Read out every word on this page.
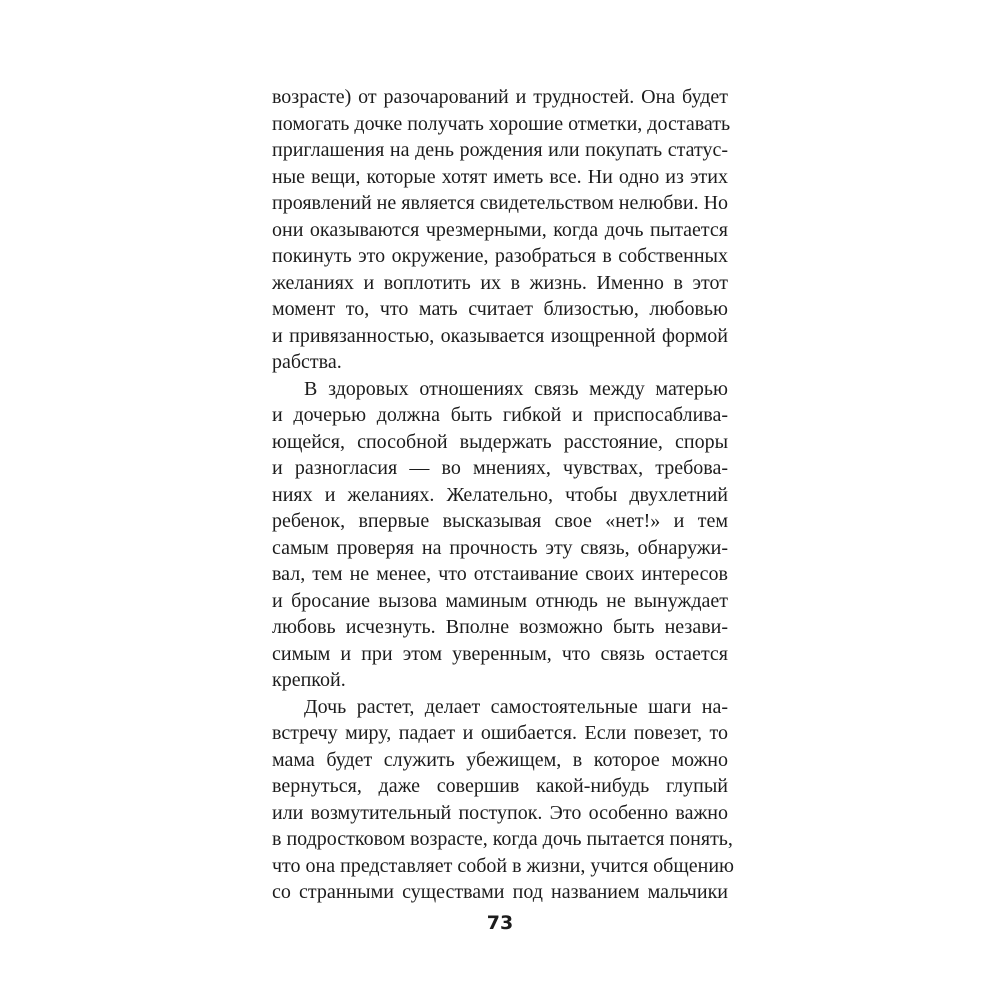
возрасте) от разочарований и трудностей. Она будет
помогать дочке получать хорошие отметки, доставать
приглашения на день рождения или покупать статус-
ные вещи, которые хотят иметь все. Ни одно из этих
проявлений не является свидетельством нелюбви. Но
они оказываются чрезмерными, когда дочь пытается
покинуть это окружение, разобраться в собственных
желаниях и воплотить их в жизнь. Именно в этот
момент то, что мать считает близостью, любовью
и привязанностью, оказывается изощренной формой
рабства.
В здоровых отношениях связь между матерью
и дочерью должна быть гибкой и приспосаблива-
ющейся, способной выдержать расстояние, споры
и разногласия — во мнениях, чувствах, требова-
ниях и желаниях. Желательно, чтобы двухлетний
ребенок, впервые высказывая свое «нет!» и тем
самым проверяя на прочность эту связь, обнаружи-
вал, тем не менее, что отстаивание своих интересов
и бросание вызова маминым отнюдь не вынуждает
любовь исчезнуть. Вполне возможно быть незави-
симым и при этом уверенным, что связь остается
крепкой.
Дочь растет, делает самостоятельные шаги на-
встречу миру, падает и ошибается. Если повезет, то
мама будет служить убежищем, в которое можно
вернуться, даже совершив какой-нибудь глупый
или возмутительный поступок. Это особенно важно
в подростковом возрасте, когда дочь пытается понять,
что она представляет собой в жизни, учится общению
со странными существами под названием мальчики
73
